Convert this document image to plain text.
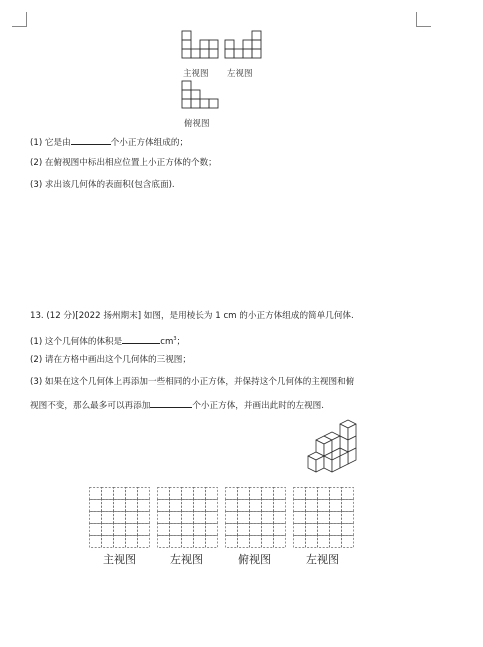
主视图 左视图
俯视图
(1) 它是由	个小正方体组成的；
(2) 在俯视图中标出相应位置上小正方体的个数；
(3) 求出该几何体的表面积(包含底面).
13. (12 分)[2022 扬州期末] 如图，是用棱长为 1 cm 的小正方体组成的简单几何体.
(1) 这个几何体的体积是	$cm^3$；
(2) 请在方格中画出这个几何体的三视图；
(3) 如果在这个几何体上再添加一些相同的小正方体，并保持这个几何体的主视图和俯
视图不变，那么最多可以再添加	个小正方体，并画出此时的左视图.
主视图	左视图	俯视图	左视图
